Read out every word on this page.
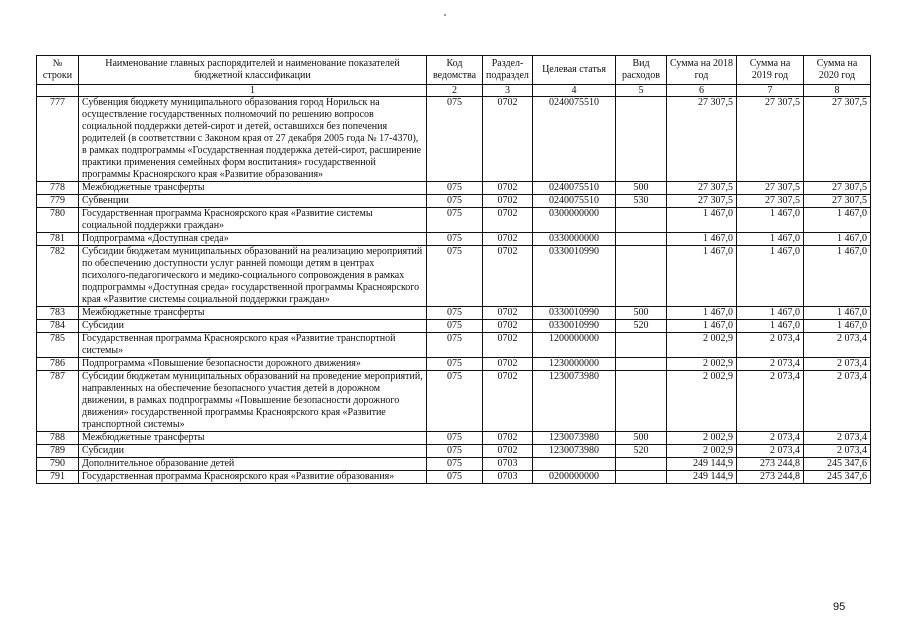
№ строки	Наименование главных распорядителей и наименование показателей бюджетной классификации	Код ведомства	Раздел-подраздел	Целевая статья	Вид расходов	Сумма на 2018 год	Сумма на 2019 год	Сумма на 2020 год
	1	2	3	4	5	6	7	8
777	Субвенция бюджету муниципального образования город Норильск на осуществление государственных полномочий по решению вопросов социальной поддержки детей-сирот и детей, оставшихся без попечения родителей (в соответствии с Законом края от 27 декабря 2005 года № 17-4370), в рамках подпрограммы «Государственная поддержка детей-сирот, расширение практики применения семейных форм воспитания» государственной программы Красноярского края «Развитие образования»	075	0702	0240075510		27 307,5	27 307,5	27 307,5
778	Межбюджетные трансферты	075	0702	0240075510	500	27 307,5	27 307,5	27 307,5
779	Субвенции	075	0702	0240075510	530	27 307,5	27 307,5	27 307,5
780	Государственная программа Красноярского края «Развитие системы социальной поддержки граждан»	075	0702	0300000000		1 467,0	1 467,0	1 467,0
781	Подпрограмма «Доступная среда»	075	0702	0330000000		1 467,0	1 467,0	1 467,0
782	Субсидии бюджетам муниципальных образований на реализацию мероприятий по обеспечению доступности услуг ранней помощи детям в центрах психолого-педагогического и медико-социального сопровождения в рамках подпрограммы «Доступная среда» государственной программы Красноярского края «Развитие системы социальной поддержки граждан»	075	0702	0330010990		1 467,0	1 467,0	1 467,0
783	Межбюджетные трансферты	075	0702	0330010990	500	1 467,0	1 467,0	1 467,0
784	Субсидии	075	0702	0330010990	520	1 467,0	1 467,0	1 467,0
785	Государственная программа Красноярского края «Развитие транспортной системы»	075	0702	1200000000		2 002,9	2 073,4	2 073,4
786	Подпрограмма «Повышение безопасности дорожного движения»	075	0702	1230000000		2 002,9	2 073,4	2 073,4
787	Субсидии бюджетам муниципальных образований на проведение мероприятий, направленных на обеспечение безопасного участия детей в дорожном движении, в рамках подпрограммы «Повышение безопасности дорожного движения» государственной программы Красноярского края «Развитие транспортной системы»	075	0702	1230073980		2 002,9	2 073,4	2 073,4
788	Межбюджетные трансферты	075	0702	1230073980	500	2 002,9	2 073,4	2 073,4
789	Субсидии	075	0702	1230073980	520	2 002,9	2 073,4	2 073,4
790	Дополнительное образование детей	075	0703			249 144,9	273 244,8	245 347,6
791	Государственная программа Красноярского края «Развитие образования»	075	0703	0200000000		249 144,9	273 244,8	245 347,6
95
